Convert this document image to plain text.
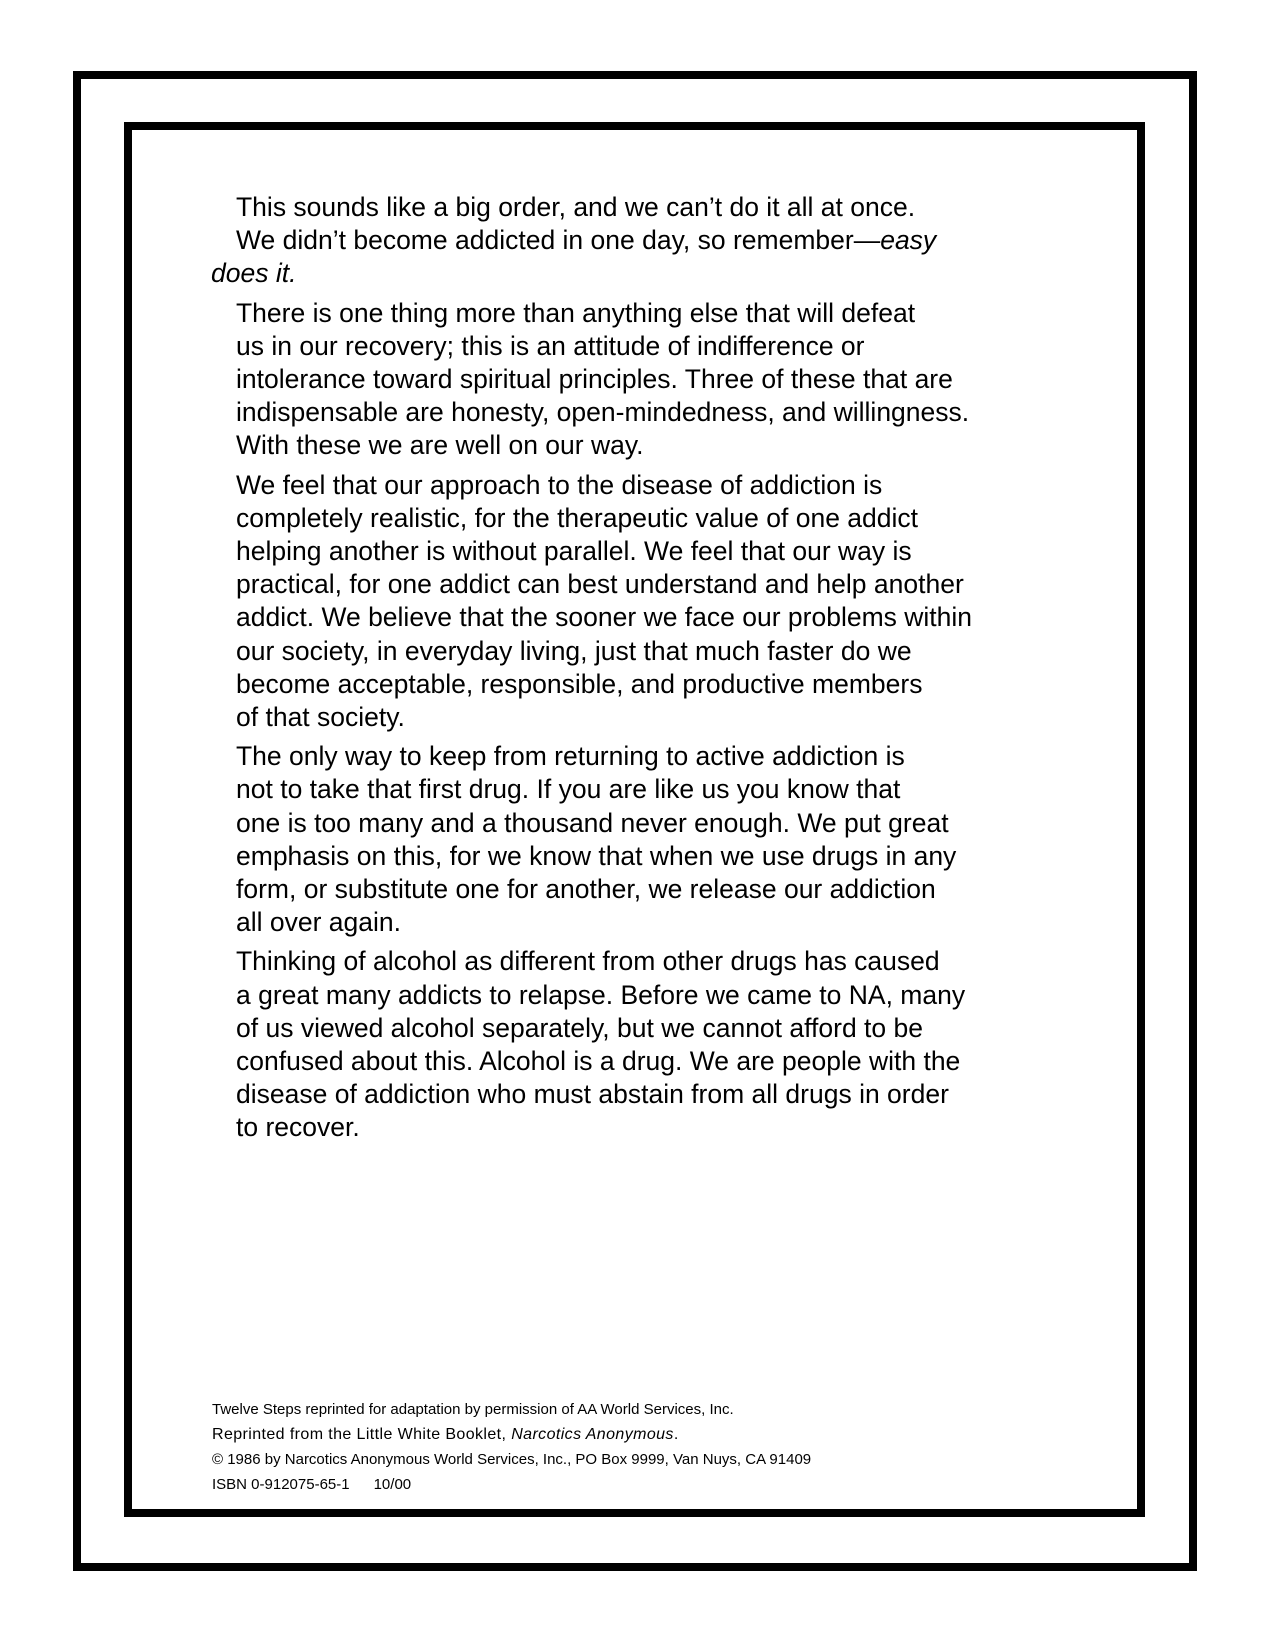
This sounds like a big order, and we can’t do it all at once.
We didn’t become addicted in one day, so remember—easy
does it.

There is one thing more than anything else that will defeat
us in our recovery; this is an attitude of indifference or
intolerance toward spiritual principles. Three of these that are
indispensable are honesty, open-mindedness, and willingness.
With these we are well on our way.

We feel that our approach to the disease of addiction is
completely realistic, for the therapeutic value of one addict
helping another is without parallel. We feel that our way is
practical, for one addict can best understand and help another
addict. We believe that the sooner we face our problems within
our society, in everyday living, just that much faster do we
become acceptable, responsible, and productive members
of that society.

The only way to keep from returning to active addiction is
not to take that first drug. If you are like us you know that
one is too many and a thousand never enough. We put great
emphasis on this, for we know that when we use drugs in any
form, or substitute one for another, we release our addiction
all over again.

Thinking of alcohol as different from other drugs has caused
a great many addicts to relapse. Before we came to NA, many
of us viewed alcohol separately, but we cannot afford to be
confused about this. Alcohol is a drug. We are people with the
disease of addiction who must abstain from all drugs in order
to recover.

Twelve Steps reprinted for adaptation by permission of AA World Services, Inc.
Reprinted from the Little White Booklet, Narcotics Anonymous.
© 1986 by Narcotics Anonymous World Services, Inc., PO Box 9999, Van Nuys, CA 91409
ISBN 0-912075-65-1 10/00
